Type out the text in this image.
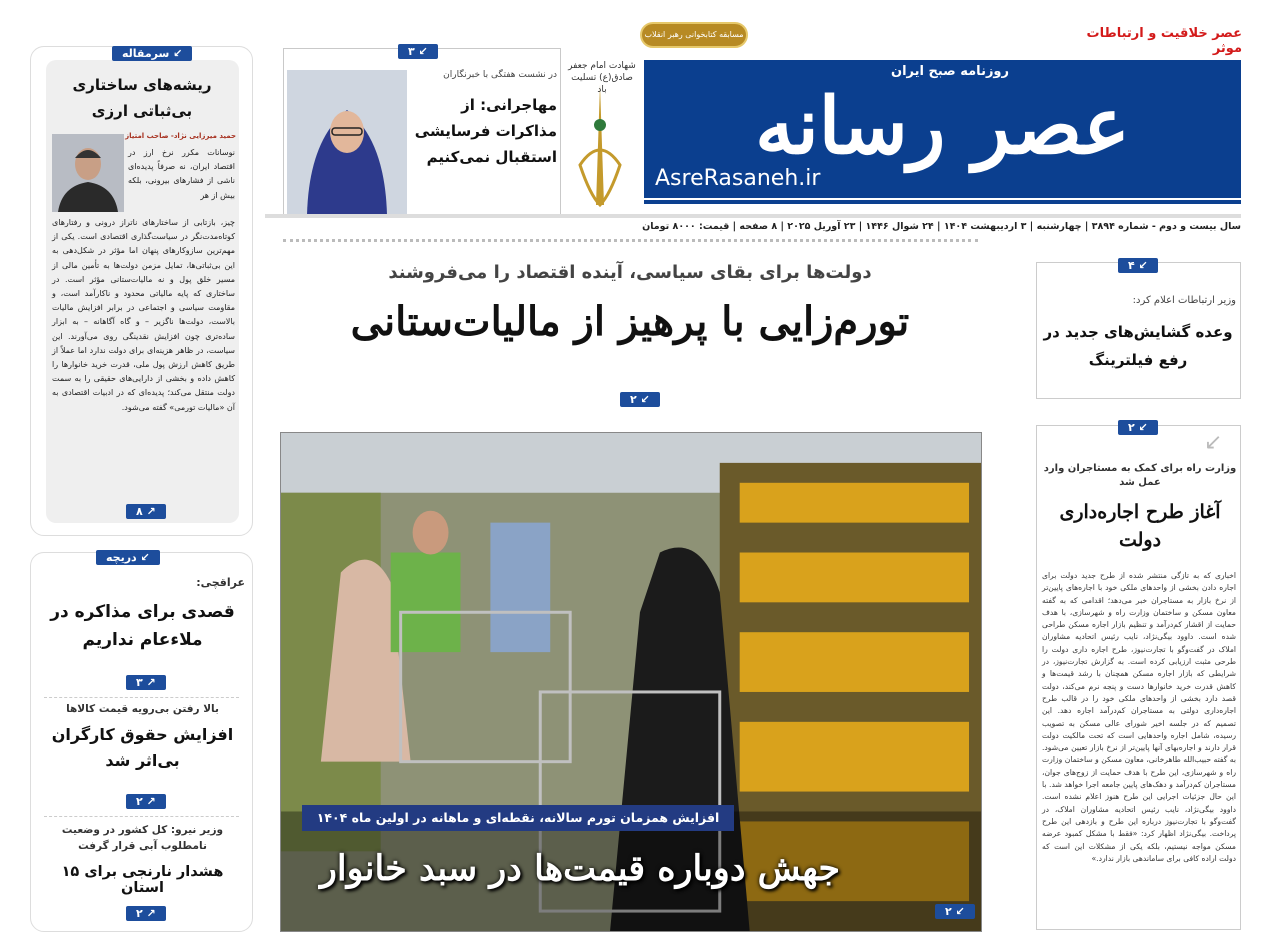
عصر خلاقیت و ارتباطات موثر
مسابقه کتابخوانی رهبر انقلاب
شهادت امام جعفر صادق(ع) تسلیت باد
روزنامه صبح ایران
عصر رسانه
AsreRasaneh.ir
۳ ↙
در نشست هفتگی با خبرنگاران
مهاجرانی: از مذاکرات فرسایشی استقبال نمی‌کنیم
سال بیست و دوم - شماره ۳۸۹۴ | چهارشنبه | ۳ اردیبهشت ۱۴۰۴ | ۲۴ شوال ۱۴۴۶ | ۲۳ آوریل ۲۰۲۵ | ۸ صفحه | قیمت: ۸۰۰۰ تومان
دولت‌ها برای بقای سیاسی، آینده اقتصاد را می‌فروشند
تورم‌زایی با پرهیز از مالیات‌ستانی
۲ ↙
افزایش همزمان تورم سالانه، نقطه‌ای و ماهانه در اولین ماه ۱۴۰۴
جهش دوباره قیمت‌ها در سبد خانوار
۲ ↙
۴ ↙
وزیر ارتباطات اعلام کرد:
وعده گشایش‌های جدید در رفع فیلترینگ
۲ ↙
↙
وزارت راه برای کمک به مستاجران وارد عمل شد
آغاز طرح اجاره‌داری دولت
اخباری که به تازگی منتشر شده از طرح جدید دولت برای اجاره دادن بخشی از واحدهای ملکی خود با اجاره‌های پایین‌تر از نرخ بازار به مستاجران خبر می‌دهد؛ اقدامی که به گفته معاون مسکن و ساختمان وزارت راه و شهرسازی، با هدف حمایت از اقشار کم‌درآمد و تنظیم بازار اجاره مسکن طراحی شده است. داوود بیگی‌نژاد، نایب رئیس اتحادیه مشاوران املاک در گفت‌وگو با تجارت‌نیوز، طرح اجاره داری دولت را طرحی مثبت ارزیابی کرده است. به گزارش تجارت‌نیوز، در شرایطی که بازار اجاره مسکن همچنان با رشد قیمت‌ها و کاهش قدرت خرید خانوارها دست و پنجه نرم می‌کند، دولت قصد دارد بخشی از واحدهای ملکی خود را در قالب طرح اجاره‌داری دولتی به مستاجران کم‌درآمد اجاره دهد. این تصمیم که در جلسه اخیر شورای عالی مسکن به تصویب رسیده، شامل اجاره واحدهایی است که تحت مالکیت دولت قرار دارند و اجاره‌بهای آنها پایین‌تر از نرخ بازار تعیین می‌شود. به گفته حبیب‌الله طاهرخانی، معاون مسکن و ساختمان وزارت راه و شهرسازی، این طرح با هدف حمایت از زوج‌های جوان، مستاجران کم‌درآمد و دهک‌های پایین جامعه اجرا خواهد شد. با این حال جزئیات اجرایی این طرح هنوز اعلام نشده است. داوود بیگی‌نژاد، نایب رئیس اتحادیه مشاوران املاک، در گفت‌وگو با تجارت‌نیوز درباره این طرح و بازدهی این طرح پرداخت. بیگی‌نژاد اظهار کرد: «فقط با مشکل کمبود عرضه مسکن مواجه نیستیم، بلکه یکی از مشکلات این است که دولت اراده کافی برای ساماندهی بازار ندارد.»
سرمقاله ↙
ریشه‌های ساختاری بی‌ثباتی ارزی
حمید میرزایی نژاد- صاحب امتیاز
نوسانات مکرر نرخ ارز در اقتصاد ایران، نه صرفاً پدیده‌ای ناشی از فشارهای بیرونی، بلکه بیش از هر
چیز، بازتابی از ساختارهای ناتراز درونی و رفتارهای کوتاه‌مدت‌نگر در سیاست‌گذاری اقتصادی است. یکی از مهم‌ترین سازوکارهای پنهان اما مؤثر در شکل‌دهی به این بی‌ثباتی‌ها، تمایل مزمن دولت‌ها به تأمین مالی از مسیر خلق پول و نه مالیات‌ستانی مؤثر است. در ساختاری که پایه مالیاتی محدود و ناکارآمد است، و مقاومت سیاسی و اجتماعی در برابر افزایش مالیات بالاست، دولت‌ها ناگزیر – و گاه آگاهانه – به ابزار ساده‌تری چون افزایش نقدینگی روی می‌آورند. این سیاست، در ظاهر هزینه‌ای برای دولت ندارد اما عملاً از طریق کاهش ارزش پول ملی، قدرت خرید خانوارها را کاهش داده و بخشی از دارایی‌های حقیقی را به سمت دولت منتقل می‌کند؛ پدیده‌ای که در ادبیات اقتصادی به آن «مالیات تورمی» گفته می‌شود.
۸ ↗
دریچه ↙
عراقچی:
قصدی برای مذاکره در ملاءعام نداریم
۳ ↗
بالا رفتن بی‌رویه قیمت کالاها
افزایش حقوق کارگران بی‌اثر شد
۲ ↗
وزیر نیرو: کل کشور در وضعیت نامطلوب آبی قرار گرفت
هشدار نارنجی برای ۱۵ استان
۲ ↗
